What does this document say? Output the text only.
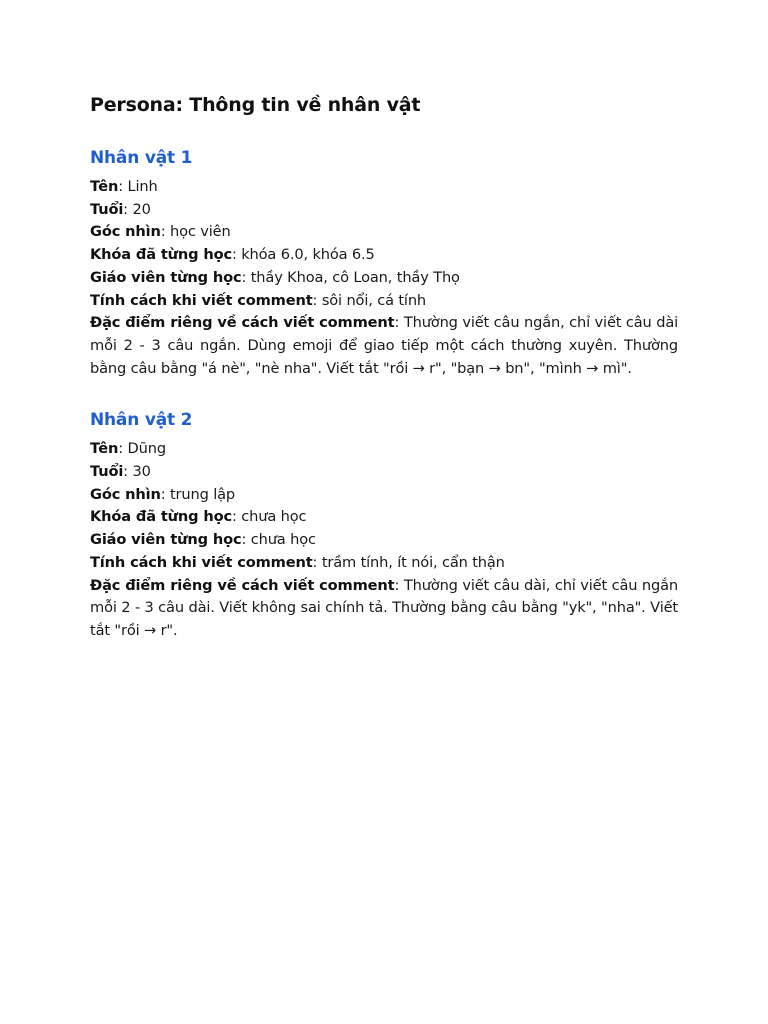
Persona: Thông tin về nhân vật
Nhân vật 1

Tên: Linh

Tuổi: 20

Góc nhìn: học viên

Khóa đã từng học: khóa 6.0, khóa 6.5

Giáo viên từng học: thầy Khoa, cô Loan, thầy Thọ

Tính cách khi viết comment: sôi nổi, cá tính

Đặc điểm riêng về cách viết comment: Thường viết câu ngắn, chỉ viết câu dài mỗi 2 - 3 câu ngắn. Dùng emoji để giao tiếp một cách thường xuyên. Thường bằng câu bằng "á nè", "nè nha". Viết tắt "rồi → r", "bạn → bn", "mình → mì".

Nhân vật 2

Tên: Dũng

Tuổi: 30

Góc nhìn: trung lập

Khóa đã từng học: chưa học

Giáo viên từng học: chưa học

Tính cách khi viết comment: trầm tính, ít nói, cẩn thận

Đặc điểm riêng về cách viết comment: Thường viết câu dài, chỉ viết câu ngắn mỗi 2 - 3 câu dài. Viết không sai chính tả. Thường bằng câu bằng "yk", "nha". Viết tắt "rồi → r".
